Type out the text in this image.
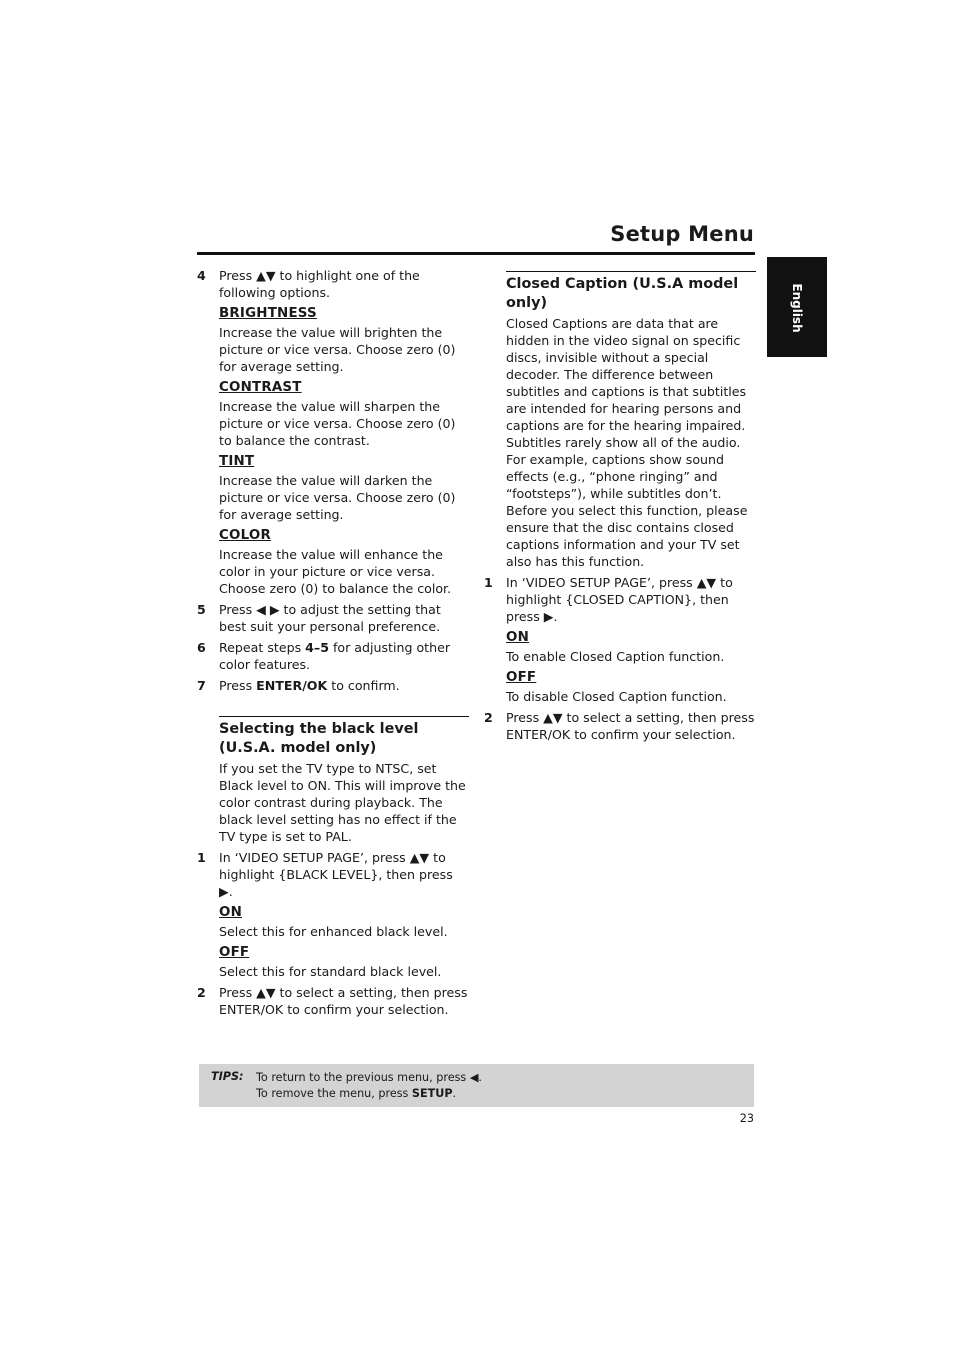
Setup Menu
English
4 Press ▲▼ to highlight one of the following options.
BRIGHTNESS
Increase the value will brighten the picture or vice versa. Choose zero (0) for average setting.
CONTRAST
Increase the value will sharpen the picture or vice versa. Choose zero (0) to balance the contrast.
TINT
Increase the value will darken the picture or vice versa. Choose zero (0) for average setting.
COLOR
Increase the value will enhance the color in your picture or vice versa. Choose zero (0) to balance the color.
5 Press ◀ ▶ to adjust the setting that best suit your personal preference.
6 Repeat steps 4–5 for adjusting other color features.
7 Press ENTER/OK to confirm.
Selecting the black level (U.S.A. model only)
If you set the TV type to NTSC, set Black level to ON. This will improve the color contrast during playback. The black level setting has no effect if the TV type is set to PAL.
1 In ‘VIDEO SETUP PAGE’, press ▲▼ to highlight {BLACK LEVEL}, then press ▶.
ON
Select this for enhanced black level.
OFF
Select this for standard black level.
2 Press ▲▼ to select a setting, then press ENTER/OK to confirm your selection.
Closed Caption (U.S.A model only)
Closed Captions are data that are hidden in the video signal on specific discs, invisible without a special decoder. The difference between subtitles and captions is that subtitles are intended for hearing persons and captions are for the hearing impaired. Subtitles rarely show all of the audio. For example, captions show sound effects (e.g., “phone ringing” and “footsteps”), while subtitles don’t.
Before you select this function, please ensure that the disc contains closed captions information and your TV set also has this function.
1 In ‘VIDEO SETUP PAGE’, press ▲▼ to highlight {CLOSED CAPTION}, then press ▶.
ON
To enable Closed Caption function.
OFF
To disable Closed Caption function.
2 Press ▲▼ to select a setting, then press ENTER/OK to confirm your selection.
TIPS: To return to the previous menu, press ◀.
To remove the menu, press SETUP.
23
